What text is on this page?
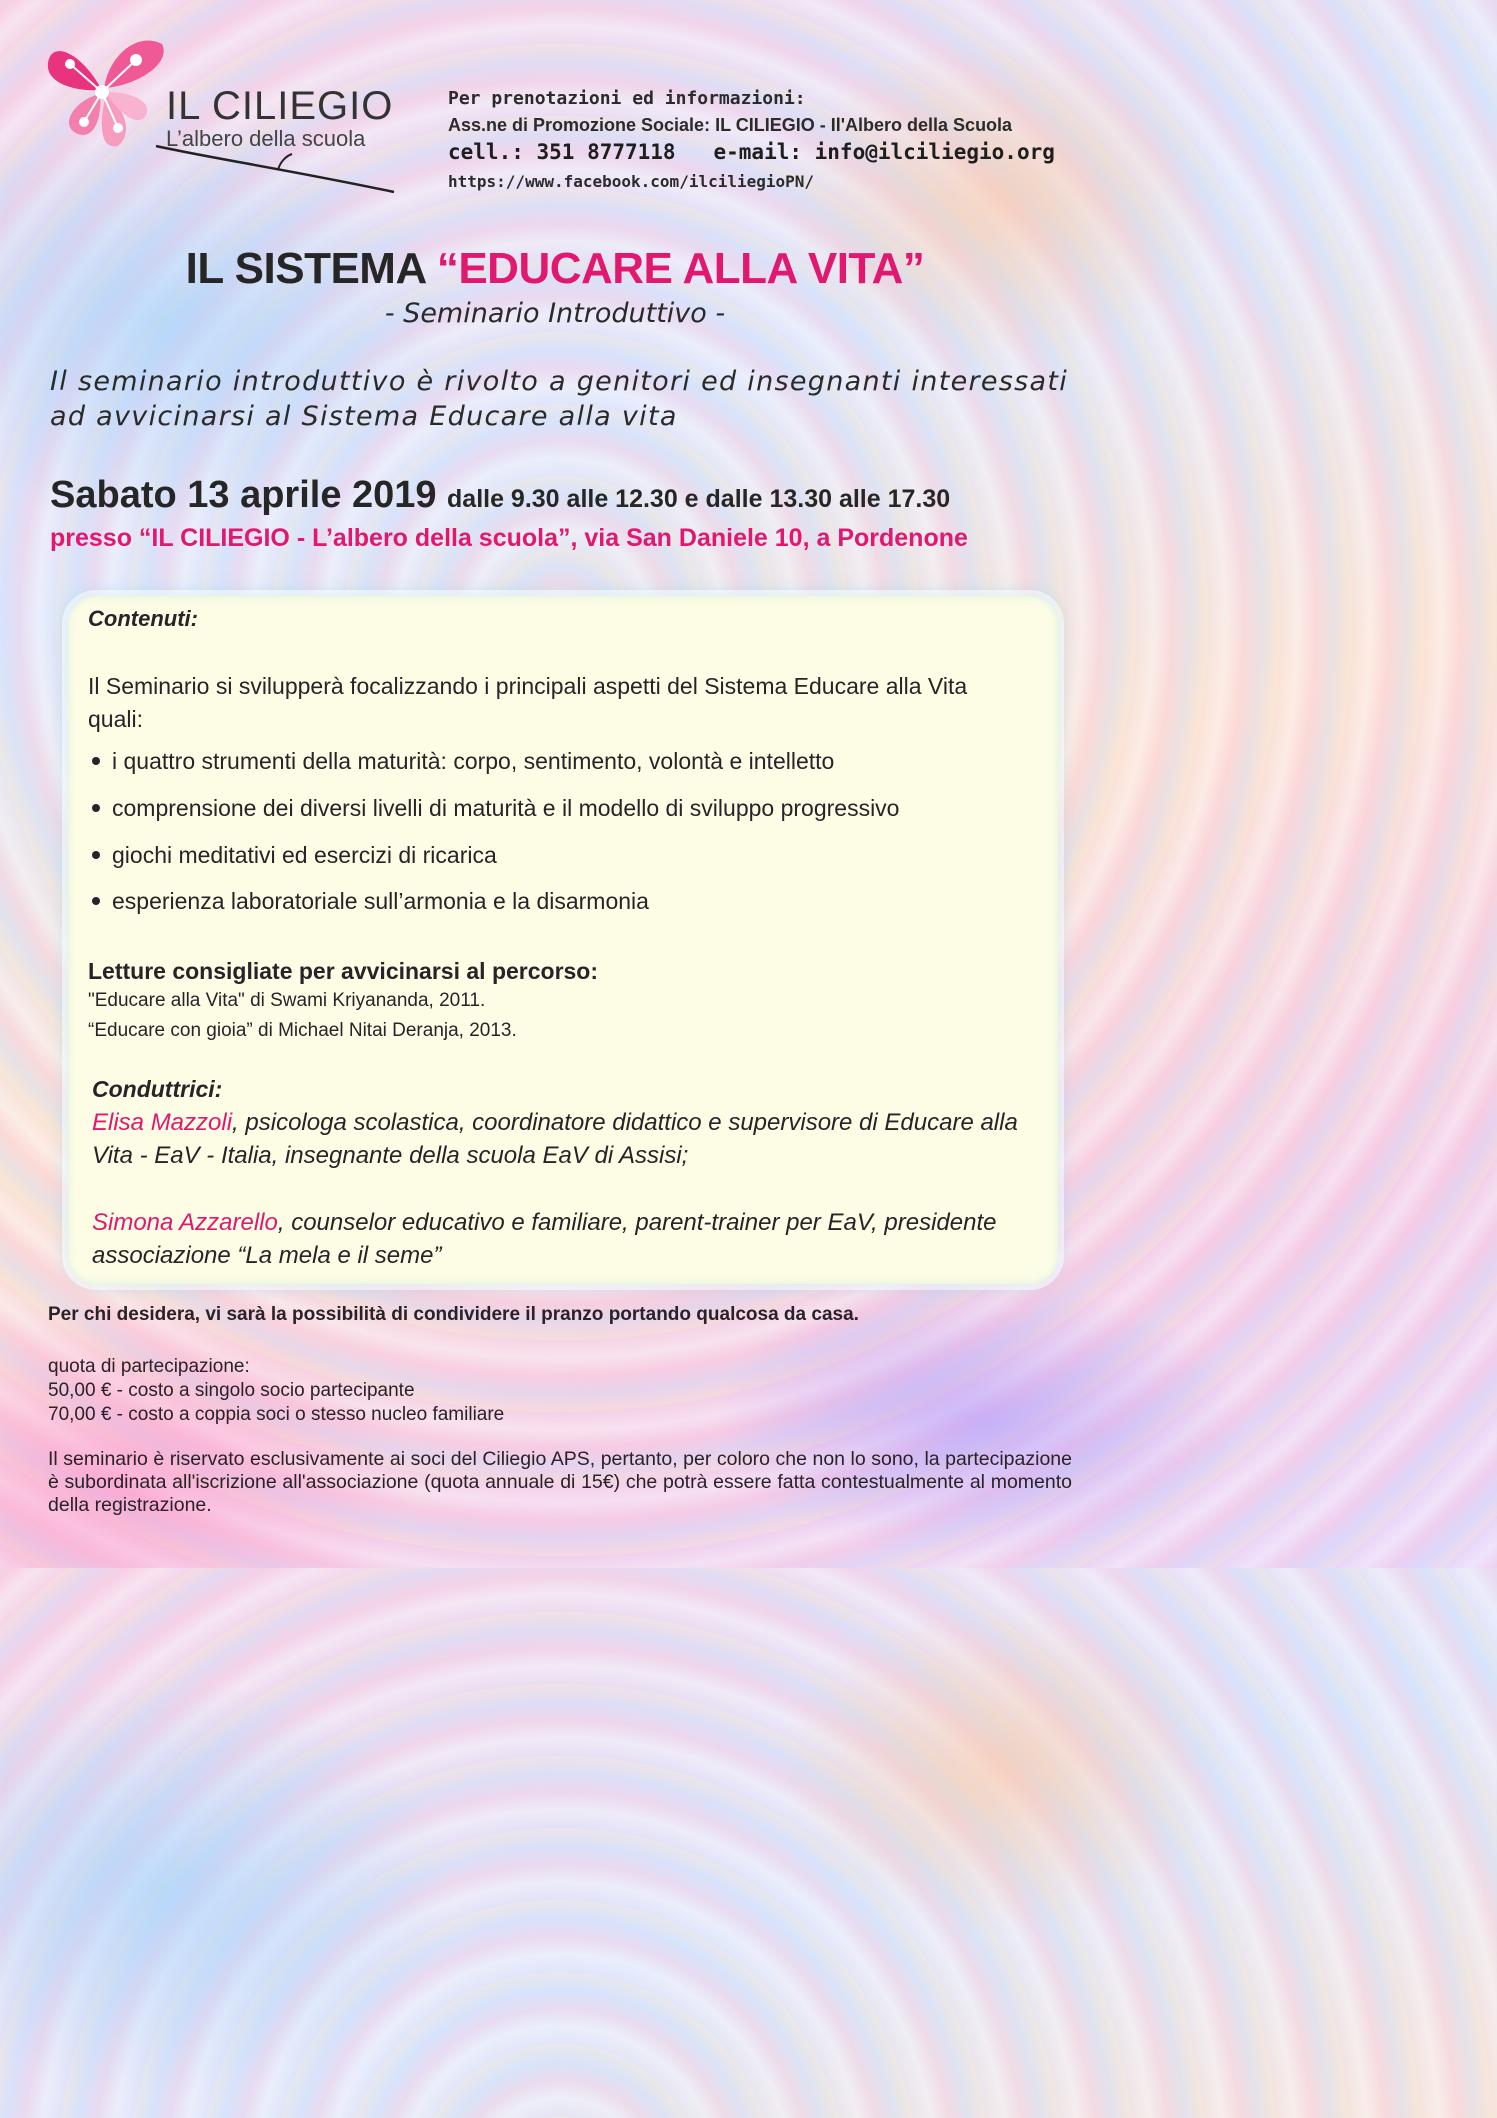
IL CILIEGIO
L’albero della scuola
Per prenotazioni ed informazioni:
Ass.ne di Promozione Sociale: IL CILIEGIO - Il'Albero della Scuola
cell.: 351 8777118   e-mail: info@ilciliegio.org
https://www.facebook.com/ilciliegioPN/
IL SISTEMA “EDUCARE ALLA VITA”
- Seminario Introduttivo -
Il seminario introduttivo è rivolto a genitori ed insegnanti interessati ad avvicinarsi al Sistema Educare alla vita
Sabato 13 aprile 2019 dalle 9.30 alle 12.30 e dalle 13.30 alle 17.30
presso “IL CILIEGIO - L’albero della scuola”, via San Daniele 10, a Pordenone
Contenuti:
Il Seminario si svilupperà focalizzando i principali aspetti del Sistema Educare alla Vita quali:
i quattro strumenti della maturità: corpo, sentimento, volontà e intelletto
comprensione dei diversi livelli di maturità e il modello di sviluppo progressivo
giochi meditativi ed esercizi di ricarica
esperienza laboratoriale sull’armonia e la disarmonia
Letture consigliate per avvicinarsi al percorso:
"Educare alla Vita" di Swami Kriyananda, 2011.
“Educare con gioia” di Michael Nitai Deranja, 2013.
Conduttrici:
Elisa Mazzoli, psicologa scolastica, coordinatore didattico e supervisore di Educare alla Vita - EaV - Italia, insegnante della scuola EaV di Assisi;
Simona Azzarello, counselor educativo e familiare, parent-trainer per EaV, presidente associazione “La mela e il seme”
Per chi desidera, vi sarà la possibilità di condividere il pranzo portando qualcosa da casa.
quota di partecipazione:
50,00 € - costo a singolo socio partecipante
70,00 € - costo a coppia soci o stesso nucleo familiare
Il seminario è riservato esclusivamente ai soci del Ciliegio APS, pertanto, per coloro che non lo sono, la partecipazione è subordinata all'iscrizione all'associazione (quota annuale di 15€) che potrà essere fatta contestualmente al momento della registrazione.
